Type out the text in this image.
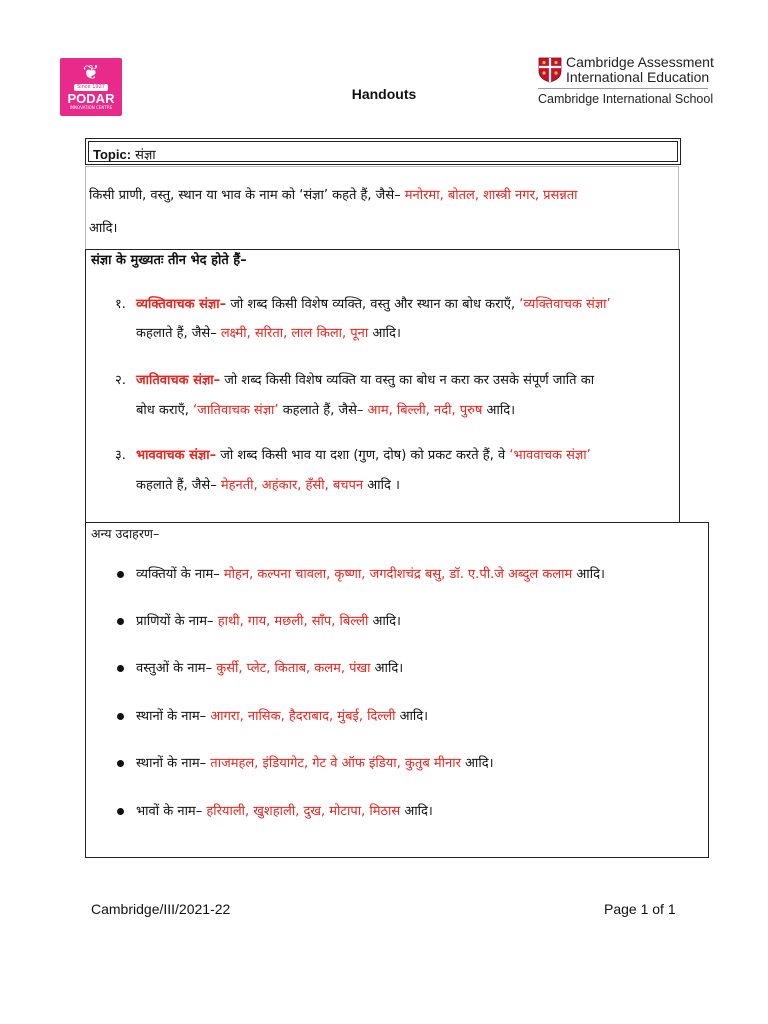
❦
Since 1927
PODAR
INNOVATION CENTRE
Handouts
Cambridge Assessment
International Education
Cambridge International School
Topic: संज्ञा
किसी प्राणी, वस्तु, स्थान या भाव के नाम को ‘संज्ञा’ कहते हैं, जैसे– मनोरमा, बोतल, शास्त्री नगर, प्रसन्नता
आदि।
संज्ञा के मुख्यतः तीन भेद होते हैं–
१. व्यक्तिवाचक संज्ञा– जो शब्द किसी विशेष व्यक्ति, वस्तु और स्थान का बोध कराएँ, ‘व्यक्तिवाचक संज्ञा’
कहलाते हैं, जैसे– लक्ष्मी, सरिता, लाल किला, पूना आदि।
२. जातिवाचक संज्ञा– जो शब्द किसी विशेष व्यक्ति या वस्तु का बोध न करा कर उसके संपूर्ण जाति का
बोध कराएँ, ‘जातिवाचक संज्ञा’ कहलाते हैं, जैसे– आम, बिल्ली, नदी, पुरुष आदि।
३. भाववाचक संज्ञा– जो शब्द किसी भाव या दशा (गुण, दोष) को प्रकट करते हैं, वे ‘भाववाचक संज्ञा’
कहलाते हैं, जैसे– मेहनती, अहंकार, हँसी, बचपन आदि ।
अन्य उदाहरण–
व्यक्तियों के नाम– मोहन, कल्पना चावला, कृष्णा, जगदीशचंद्र बसु, डॉ. ए.पी.जे अब्दुल कलाम आदि।
प्राणियों के नाम– हाथी, गाय, मछली, साँप, बिल्ली आदि।
वस्तुओं के नाम– कुर्सी, प्लेट, किताब, कलम, पंखा आदि।
स्थानों के नाम– आगरा, नासिक, हैदराबाद, मुंबई, दिल्ली आदि।
स्थानों के नाम– ताजमहल, इंडियागेट, गेट वे ऑफ इंडिया, कुतुब मीनार आदि।
भावों के नाम– हरियाली, खुशहाली, दुख, मोटापा, मिठास आदि।
Cambridge/III/2021-22	Page 1 of 1
